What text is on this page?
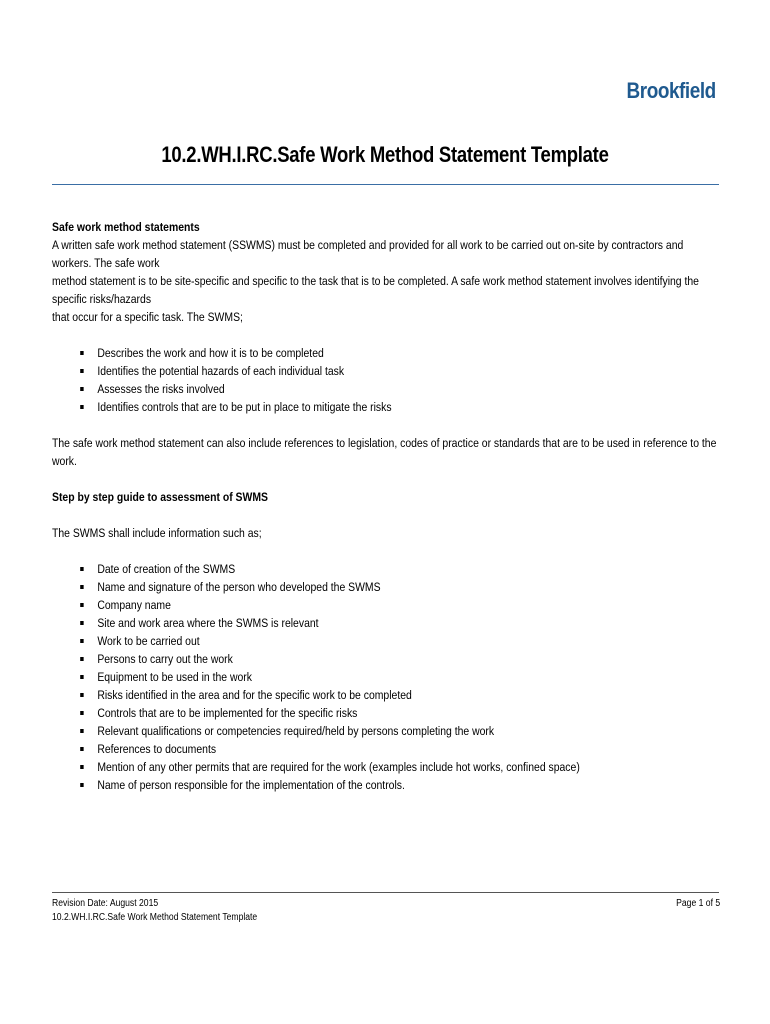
Brookfield
10.2.WH.I.RC.Safe Work Method Statement Template

Safe work method statements

A written safe work method statement (SSWMS) must be completed and provided for all work to be carried out on-site by contractors and workers. The safe work

method statement is to be site-specific and specific to the task that is to be completed. A safe work method statement involves identifying the specific risks/hazards

that occur for a specific task. The SWMS;

Describes the work and how it is to be completed
Identifies the potential hazards of each individual task
Assesses the risks involved
Identifies controls that are to be put in place to mitigate the risks

The safe work method statement can also include references to legislation, codes of practice or standards that are to be used in reference to the work.

Step by step guide to assessment of SWMS

The SWMS shall include information such as;

Date of creation of the SWMS
Name and signature of the person who developed the SWMS
Company name
Site and work area where the SWMS is relevant
Work to be carried out
Persons to carry out the work
Equipment to be used in the work
Risks identified in the area and for the specific work to be completed
Controls that are to be implemented for the specific risks
Relevant qualifications or competencies required/held by persons completing the work
References to documents
Mention of any other permits that are required for the work (examples include hot works, confined space)
Name of person responsible for the implementation of the controls.
Revision Date: August 2015
10.2.WH.I.RC.Safe Work Method Statement Template
Page 1 of 5
